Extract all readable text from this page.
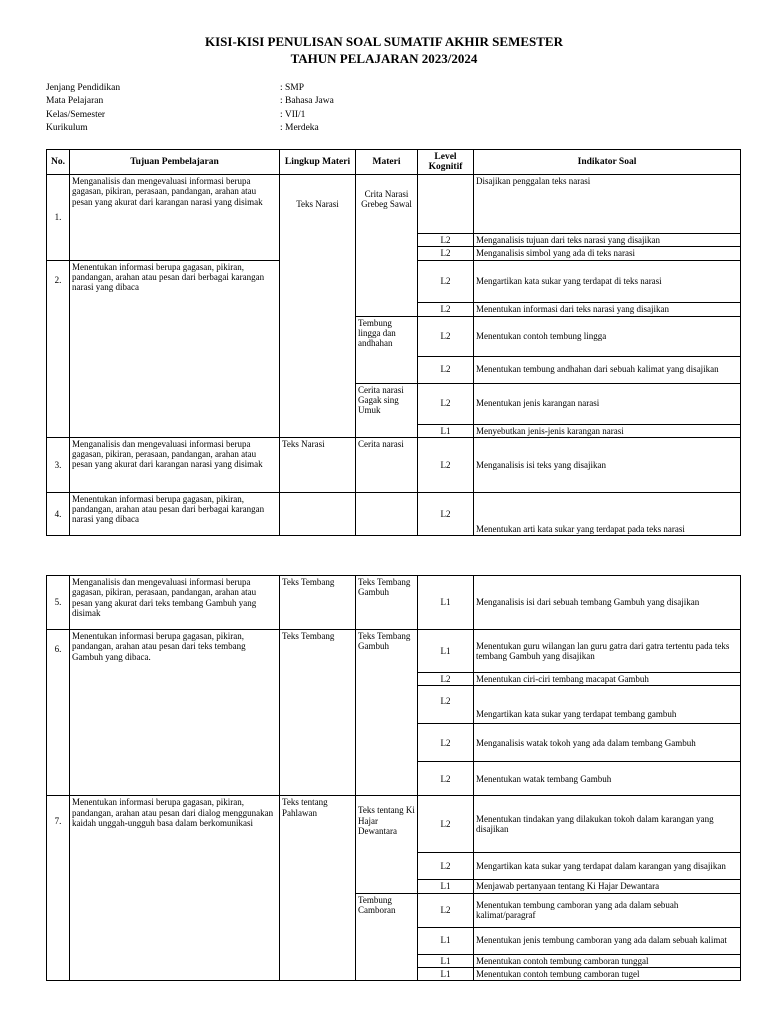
KISI-KISI PENULISAN SOAL SUMATIF AKHIR SEMESTER
TAHUN PELAJARAN 2023/2024
Jenjang Pendidikan	: SMP
Mata Pelajaran	: Bahasa Jawa
Kelas/Semester	: VII/1
Kurikulum	: Merdeka
No.	Tujuan Pembelajaran	Lingkup Materi	Materi	Level Kognitif	Indikator Soal
1.	Menganalisis dan mengevaluasi informasi berupa gagasan, pikiran, perasaan, pandangan, arahan atau pesan yang akurat dari karangan narasi yang disimak	Teks Narasi	Crita Narasi Grebeg Sawal		Disajikan penggalan teks narasi
				L2	Menganalisis tujuan dari teks narasi yang disajikan
				L2	Menganalisis simbol yang ada di teks narasi
2.	Menentukan informasi berupa gagasan, pikiran, pandangan, arahan atau pesan dari berbagai karangan narasi yang dibaca			L2	Mengartikan kata sukar yang terdapat di teks narasi
				L2	Menentukan informasi dari teks narasi yang disajikan
			Tembung lingga dan andhahan	L2	Menentukan contoh tembung lingga
				L2	Menentukan tembung andhahan dari sebuah kalimat yang disajikan
			Cerita narasi Gagak sing Umuk	L2	Menentukan jenis karangan narasi
				L1	Menyebutkan jenis-jenis karangan narasi
3.	Menganalisis dan mengevaluasi informasi berupa gagasan, pikiran, perasaan, pandangan, arahan atau pesan yang akurat dari karangan narasi yang disimak	Teks Narasi	Cerita narasi	L2	Menganalisis isi teks yang disajikan
4.	Menentukan informasi berupa gagasan, pikiran, pandangan, arahan atau pesan dari berbagai karangan narasi yang dibaca			L2	Menentukan arti kata sukar yang terdapat pada teks narasi
5.	Menganalisis dan mengevaluasi informasi berupa gagasan, pikiran, perasaan, pandangan, arahan atau pesan yang akurat dari teks tembang Gambuh yang disimak	Teks Tembang	Teks Tembang Gambuh	L1	Menganalisis isi dari sebuah tembang Gambuh yang disajikan
6.	Menentukan informasi berupa gagasan, pikiran, pandangan, arahan atau pesan dari teks tembang Gambuh yang dibaca.	Teks Tembang	Teks Tembang Gambuh	L1	Menentukan guru wilangan lan guru gatra dari gatra tertentu pada teks tembang Gambuh yang disajikan
				L2	Menentukan ciri-ciri tembang macapat Gambuh
				L2	Mengartikan kata sukar yang terdapat tembang gambuh
				L2	Menganalisis watak tokoh yang ada dalam tembang Gambuh
				L2	Menentukan watak tembang Gambuh
7.	Menentukan informasi berupa gagasan, pikiran, pandangan, arahan atau pesan dari dialog menggunakan kaidah unggah-ungguh basa dalam berkomunikasi	Teks tentang Pahlawan	Teks tentang Ki Hajar Dewantara	L2	Menentukan tindakan yang dilakukan tokoh dalam karangan yang disajikan
				L2	Mengartikan kata sukar yang terdapat dalam karangan yang disajikan
				L1	Menjawab pertanyaan tentang Ki Hajar Dewantara
			Tembung Camboran	L2	Menentukan tembung camboran yang ada dalam sebuah kalimat/paragraf
				L1	Menentukan jenis tembung camboran yang ada dalam sebuah kalimat
				L1	Menentukan contoh tembung camboran tunggal
				L1	Menentukan contoh tembung camboran tugel
